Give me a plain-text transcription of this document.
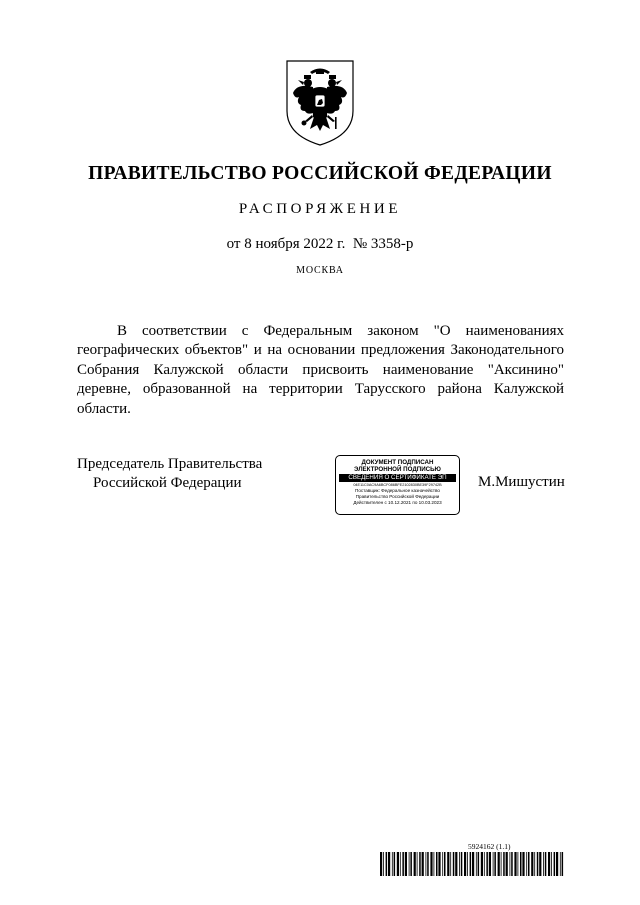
ПРАВИТЕЛЬСТВО РОССИЙСКОЙ ФЕДЕРАЦИИ
РАСПОРЯЖЕНИЕ
от 8 ноября 2022 г.  № 3358-р
МОСКВА

В соответствии с Федеральным законом "О наименованиях географических объектов" и на основании предложения Законодательного Собрания Калужской области присвоить наименование "Аксинино" деревне, образованной на территории Тарусского района Калужской области.

Председатель Правительства
Российской Федерации
ДОКУМЕНТ ПОДПИСАН
ЭЛЕКТРОННОЙ ПОДПИСЬЮ
СВЕДЕНИЯ О СЕРТИФИКАТЕ ЭП
04E11C0AC9A6BCF086BFE2102830BE39F29742B
Поставщик: Федеральное казначейство
Правительство Российской Федерации
Действителен с 10.12.2021 по 10.03.2023
М.Мишустин
5924162 (1.1)
